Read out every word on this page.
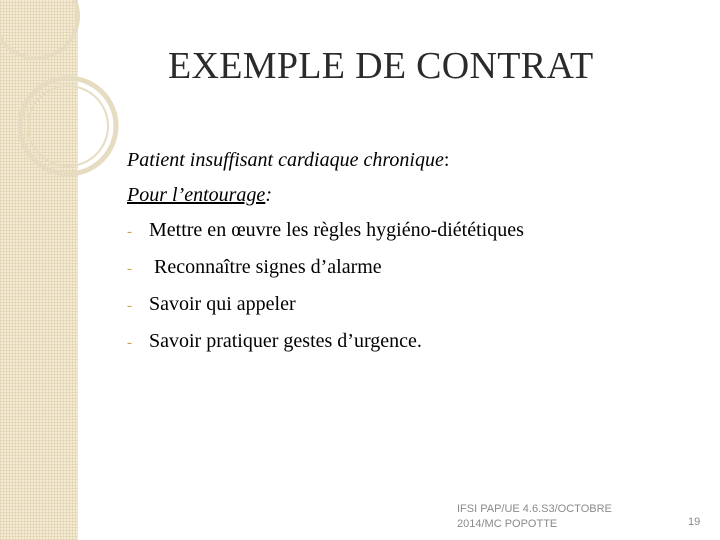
EXEMPLE DE CONTRAT
Patient insuffisant cardiaque chronique:
Pour l’entourage:
- Mettre en œuvre les règles hygiéno-diététiques
- Reconnaître signes d’alarme
- Savoir qui appeler
- Savoir pratiquer gestes d’urgence.
IFSI PAP/UE 4.6.S3/OCTOBRE
2014/MC POPOTTE	19
